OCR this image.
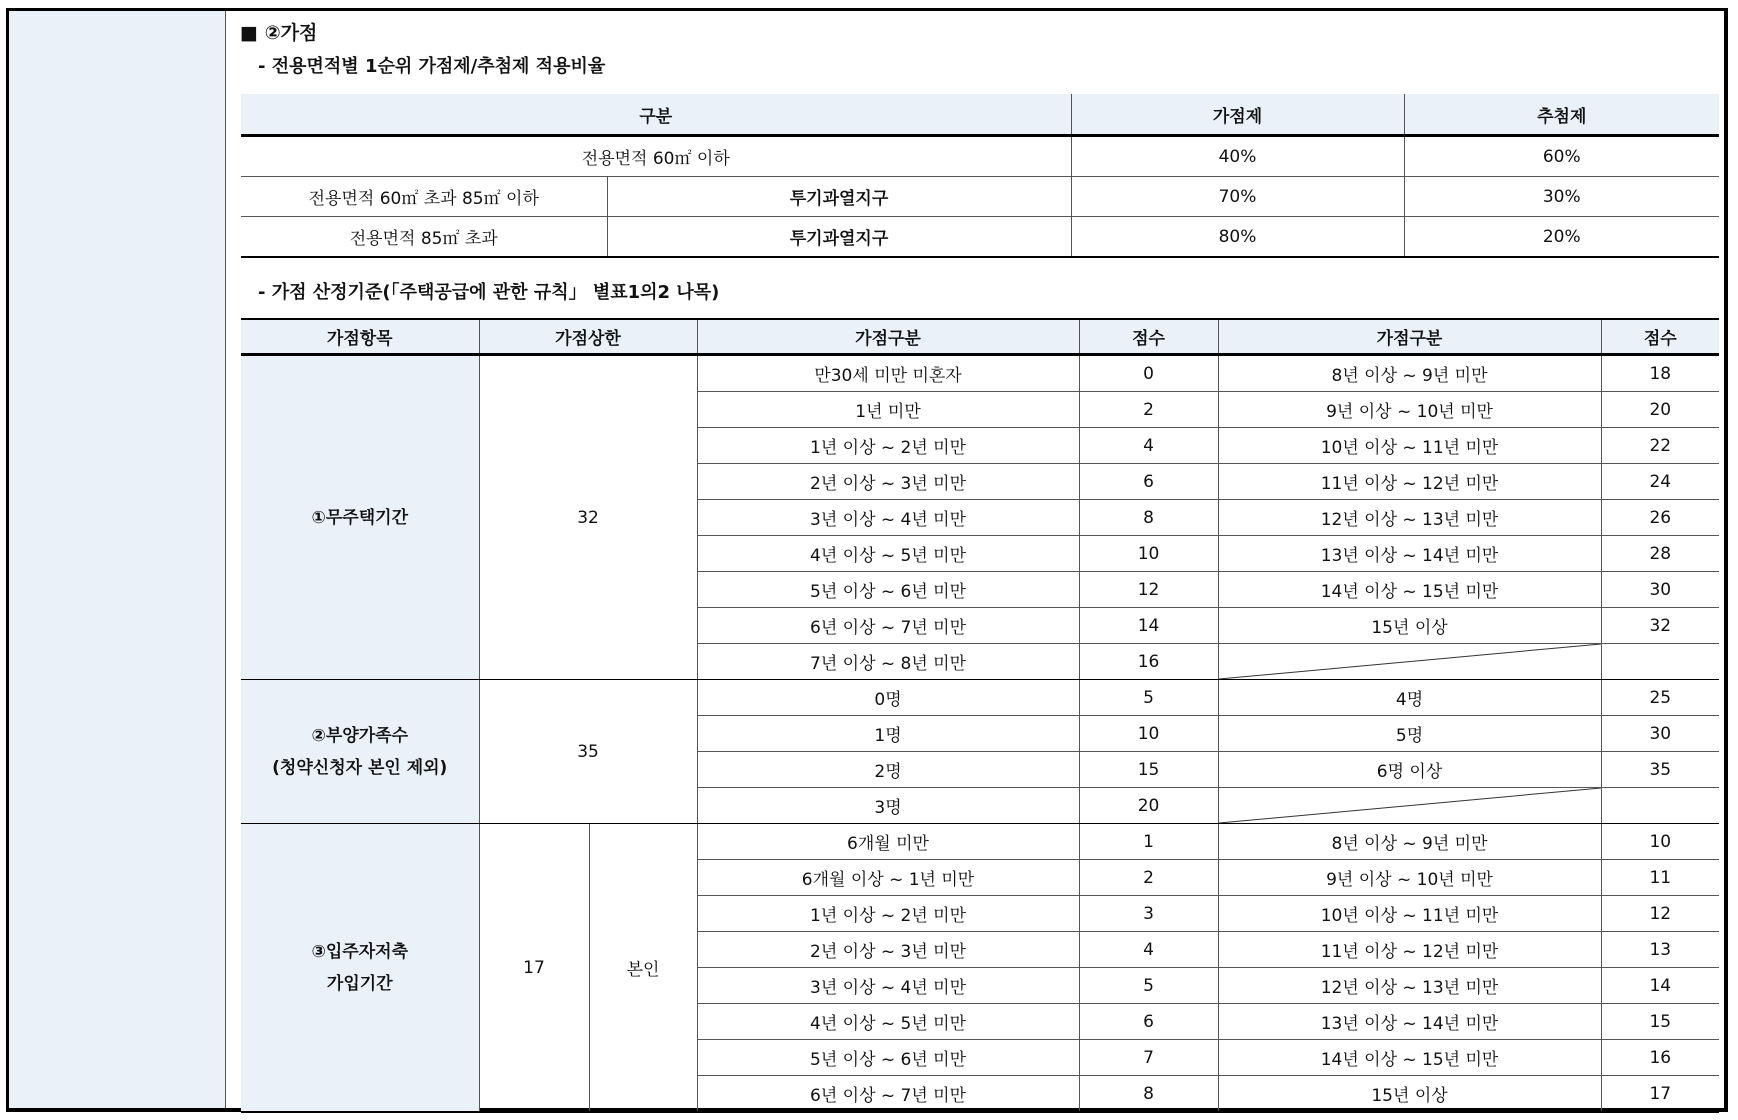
■ ②가점
- 전용면적별 1순위 가점제/추첨제 적용비율
구분		가점제	추첨제
전용면적 60㎡ 이하		40%	60%
전용면적 60㎡ 초과 85㎡ 이하	투기과열지구	70%	30%
전용면적 85㎡ 초과	투기과열지구	80%	20%
- 가점 산정기준(「주택공급에 관한 규칙」 별표1의2 나목)
가점항목	가점상한		가점구분	점수	가점구분	점수
①무주택기간	32		만30세 미만 미혼자	0	8년 이상 ~ 9년 미만	18
			1년 미만	2	9년 이상 ~ 10년 미만	20
			1년 이상 ~ 2년 미만	4	10년 이상 ~ 11년 미만	22
			2년 이상 ~ 3년 미만	6	11년 이상 ~ 12년 미만	24
			3년 이상 ~ 4년 미만	8	12년 이상 ~ 13년 미만	26
			4년 이상 ~ 5년 미만	10	13년 이상 ~ 14년 미만	28
			5년 이상 ~ 6년 미만	12	14년 이상 ~ 15년 미만	30
			6년 이상 ~ 7년 미만	14	15년 이상	32
			7년 이상 ~ 8년 미만	16	

②부양가족수
(청약신청자 본인 제외)	35		0명	5	4명	25
			1명	10	5명	30
			2명	15	6명 이상	35
			3명	20	

③입주자저축
가입기간	17	본인	6개월 미만	1	8년 이상 ~ 9년 미만	10
			6개월 이상 ~ 1년 미만	2	9년 이상 ~ 10년 미만	11
			1년 이상 ~ 2년 미만	3	10년 이상 ~ 11년 미만	12
			2년 이상 ~ 3년 미만	4	11년 이상 ~ 12년 미만	13
			3년 이상 ~ 4년 미만	5	12년 이상 ~ 13년 미만	14
			4년 이상 ~ 5년 미만	6	13년 이상 ~ 14년 미만	15
			5년 이상 ~ 6년 미만	7	14년 이상 ~ 15년 미만	16
			6년 이상 ~ 7년 미만	8	15년 이상	17
